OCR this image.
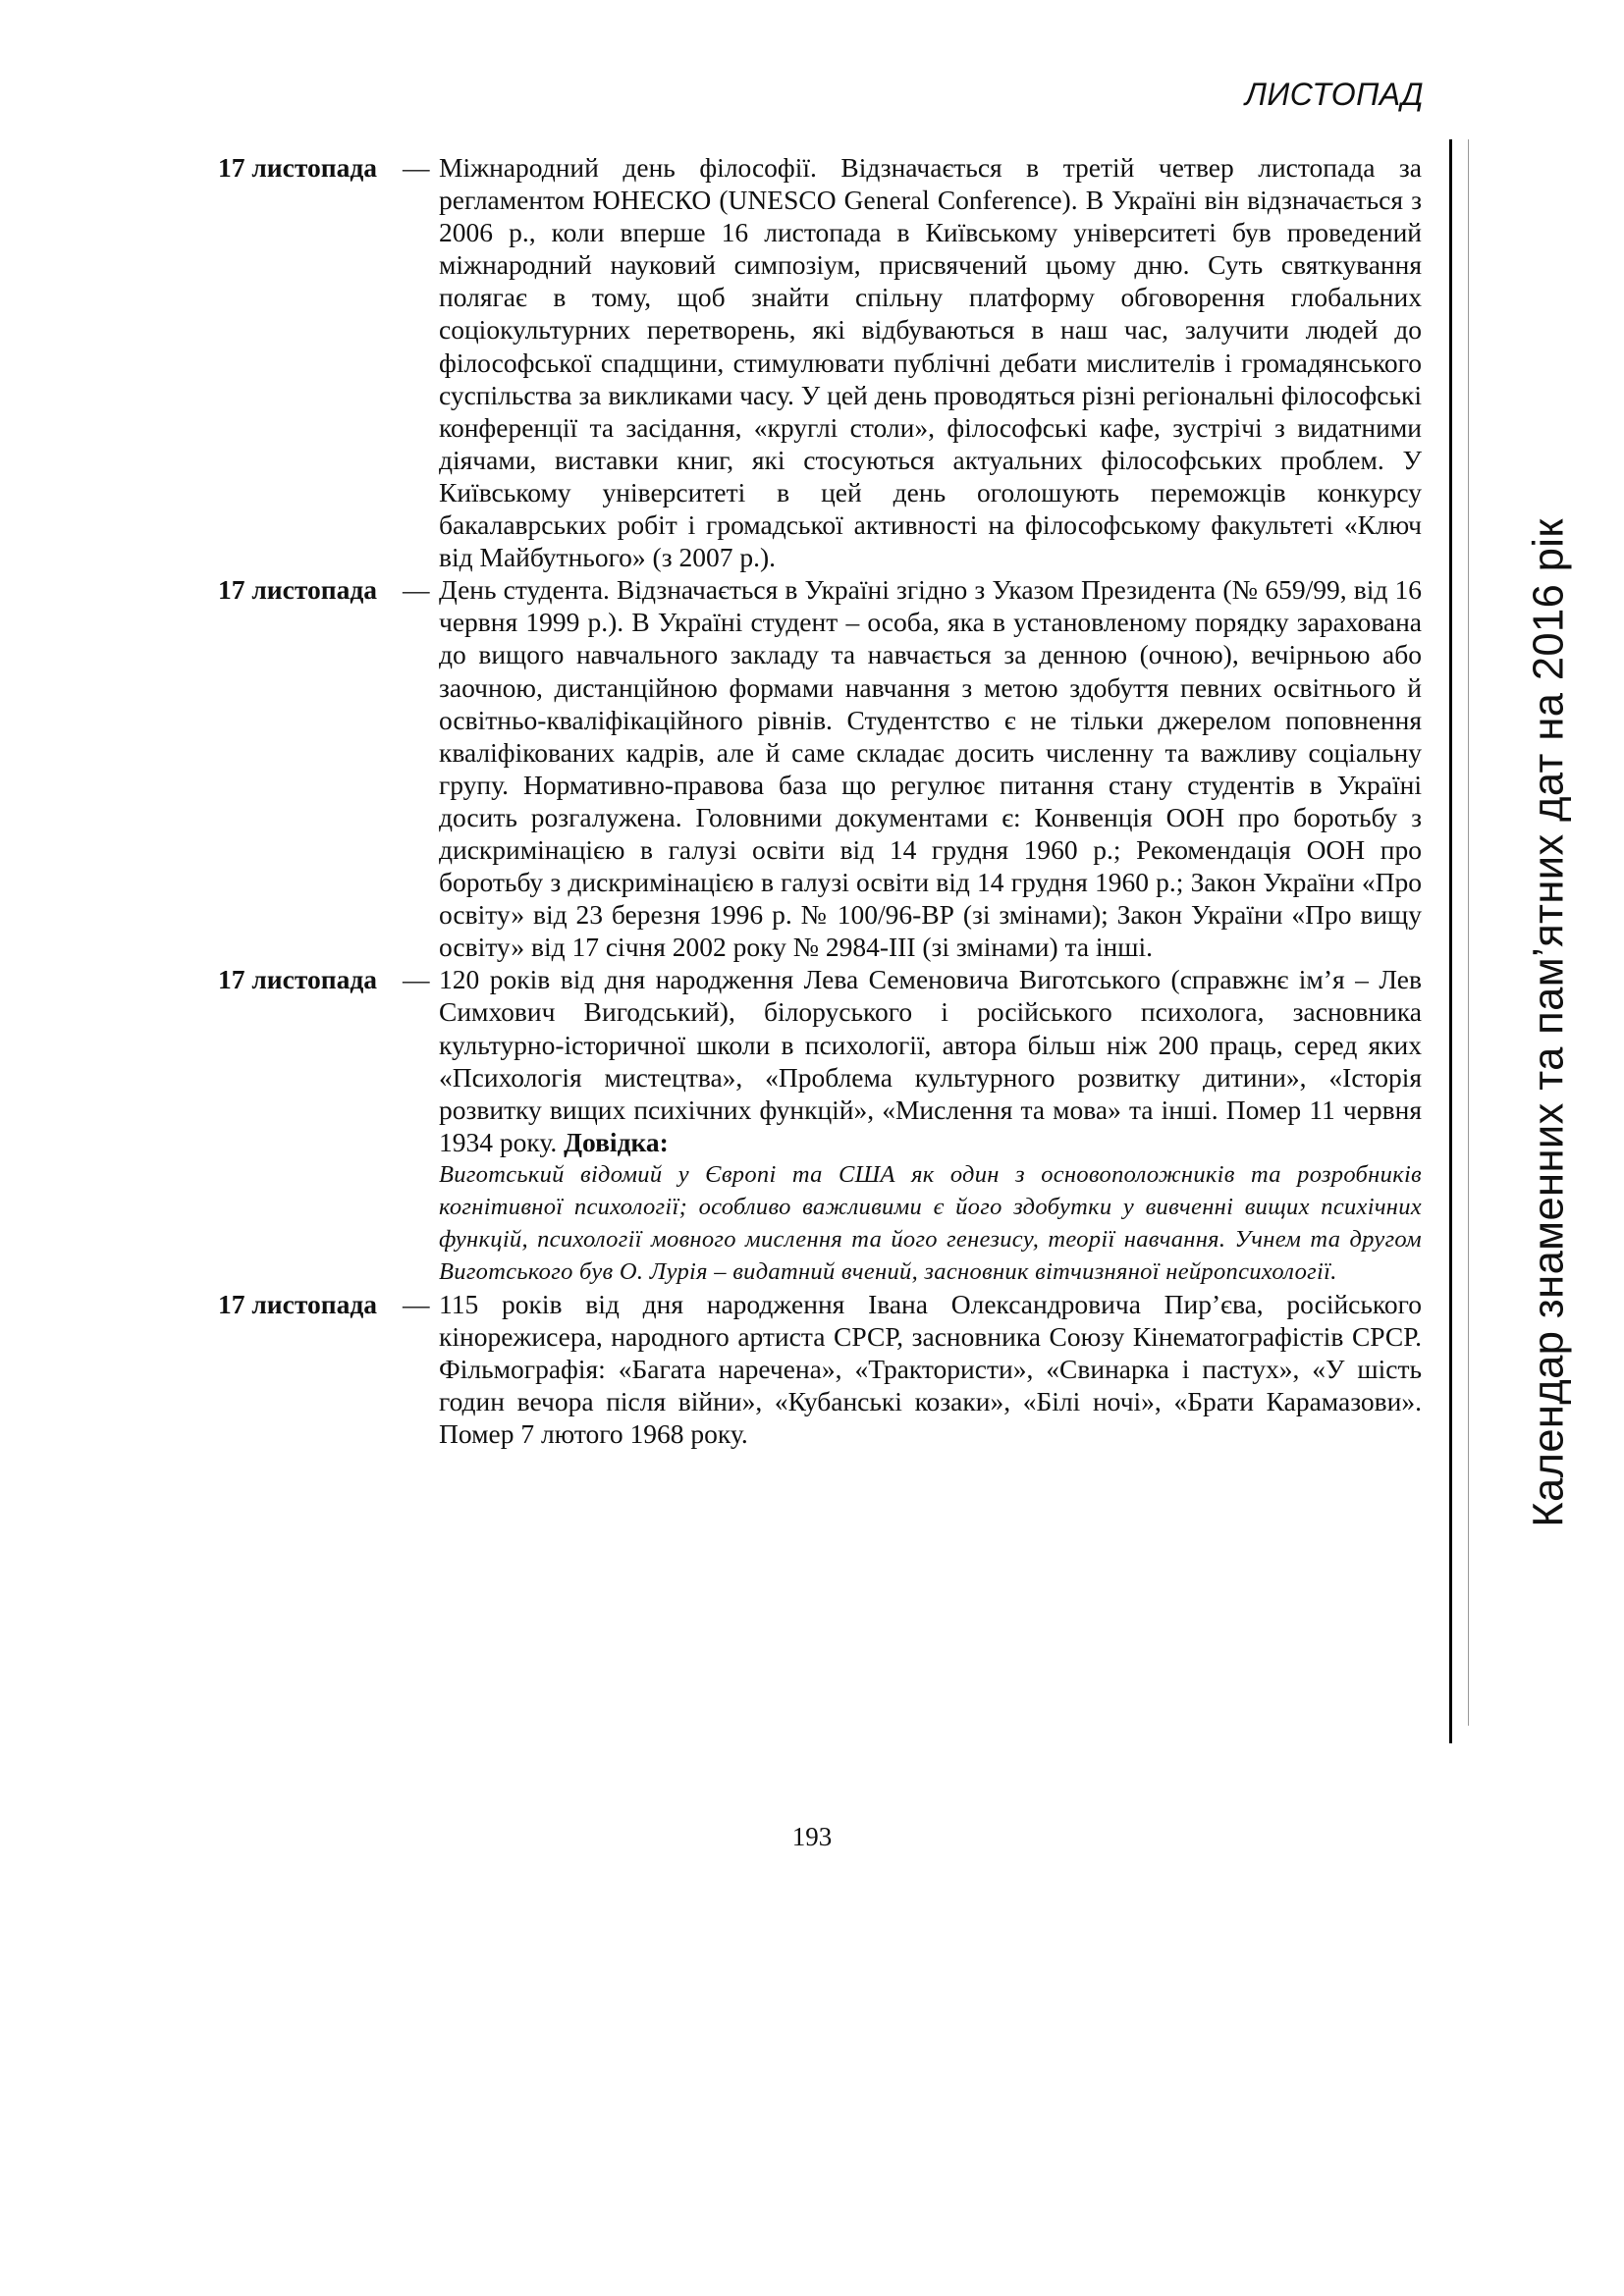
ЛИСТОПАД
17 листопада — Міжнародний день філософії. Відзначається в третій четвер листопада за регламентом ЮНЕСКО (UNESCO General Conference). В Україні він відзначається з 2006 р., коли вперше 16 листопада в Київському університеті був проведений міжнародний науковий симпозіум, присвячений цьому дню. Суть святкування полягає в тому, щоб знайти спільну платформу обговорення глобальних соціокультурних перетворень, які відбуваються в наш час, залучити людей до філософської спадщини, стимулювати публічні дебати мислителів і громадянського суспільства за викликами часу. У цей день проводяться різні регіональні філософські конференції та засідання, «круглі столи», філософські кафе, зустрічі з видатними діячами, виставки книг, які стосуються актуальних філософських проблем. У Київському університеті в цей день оголошують переможців конкурсу бакалаврських робіт і громадської активності на філософському факультеті «Ключ від Майбутнього» (з 2007 р.).
17 листопада — День студента. Відзначається в Україні згідно з Указом Президента (№ 659/99, від 16 червня 1999 р.). В Україні студент – особа, яка в установленому порядку зарахована до вищого навчального закладу та навчається за денною (очною), вечірньою або заочною, дистанційною формами навчання з метою здобуття певних освітнього й освітньо-кваліфікаційного рівнів. Студентство є не тільки джерелом поповнення кваліфікованих кадрів, але й саме складає досить численну та важливу соціальну групу. Нормативно-правова база що регулює питання стану студентів в Україні досить розгалужена. Головними документами є: Конвенція ООН про боротьбу з дискримінацією в галузі освіти від 14 грудня 1960 р.; Рекомендація ООН про боротьбу з дискримінацією в галузі освіти від 14 грудня 1960 р.; Закон України «Про освіту» від 23 березня 1996 р. № 100/96-ВР (зі змінами); Закон України «Про вищу освіту» від 17 січня 2002 року № 2984-ІІІ (зі змінами) та інші.
17 листопада — 120 років від дня народження Лева Семеновича Виготського (справжнє ім’я – Лев Симхович Вигодський), білоруського і російського психолога, засновника культурно-історичної школи в психології, автора більш ніж 200 праць, серед яких «Психологія мистецтва», «Проблема культурного розвитку дитини», «Історія розвитку вищих психічних функцій», «Мислення та мова» та інші. Помер 11 червня 1934 року. Довідка:
Виготський відомий у Європі та США як один з основоположників та розробників когнітивної психології; особливо важливими є його здобутки у вивченні вищих психічних функцій, психології мовного мислення та його генезису, теорії навчання. Учнем та другом Виготського був О. Лурія – видатний вчений, засновник вітчизняної нейропсихології.
17 листопада — 115 років від дня народження Івана Олександровича Пир’єва, російського кінорежисера, народного артиста СРСР, засновника Союзу Кінематографістів СРСР. Фільмографія: «Багата наречена», «Трактористи», «Свинарка і пастух», «У шість годин вечора після війни», «Кубанські козаки», «Білі ночі», «Брати Карамазови». Помер 7 лютого 1968 року.	Календар знаменних та пам’ятних дат на 2016 рік
193
